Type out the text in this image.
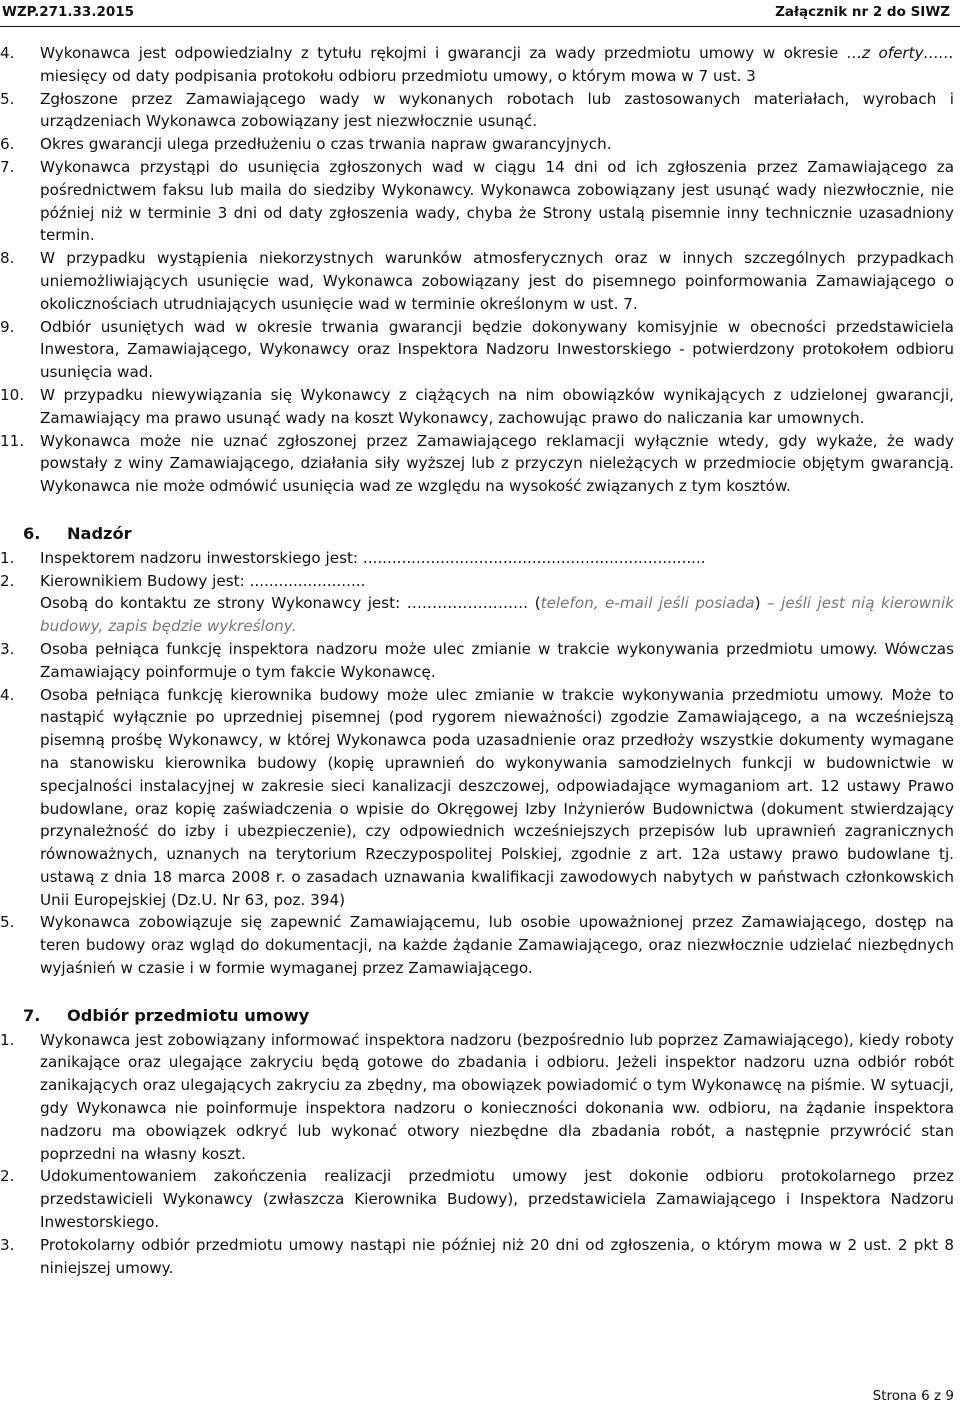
WZP.271.33.2015	Załącznik nr 2 do SIWZ
4.	Wykonawca jest odpowiedzialny z tytułu rękojmi i gwarancji za wady przedmiotu umowy w okresie …z oferty…… miesięcy od daty podpisania protokołu odbioru przedmiotu umowy, o którym mowa w 7 ust. 3
5.	Zgłoszone przez Zamawiającego wady w wykonanych robotach lub zastosowanych materiałach, wyrobach i urządzeniach Wykonawca zobowiązany jest niezwłocznie usunąć.
6.	Okres gwarancji ulega przedłużeniu o czas trwania napraw gwarancyjnych.
7.	Wykonawca przystąpi do usunięcia zgłoszonych wad w ciągu 14 dni od ich zgłoszenia przez Zamawiającego za pośrednictwem faksu lub maila do siedziby Wykonawcy. Wykonawca zobowiązany jest usunąć wady niezwłocznie, nie później niż w terminie 3 dni od daty zgłoszenia wady, chyba że Strony ustalą pisemnie inny technicznie uzasadniony termin.
8.	W przypadku wystąpienia niekorzystnych warunków atmosferycznych oraz w innych szczególnych przypadkach uniemożliwiających usunięcie wad, Wykonawca zobowiązany jest do pisemnego poinformowania Zamawiającego o okolicznościach utrudniających usunięcie wad w terminie określonym w ust. 7.
9.	Odbiór usuniętych wad w okresie trwania gwarancji będzie dokonywany komisyjnie w obecności przedstawiciela Inwestora, Zamawiającego, Wykonawcy oraz Inspektora Nadzoru Inwestorskiego - potwierdzony protokołem odbioru usunięcia wad.
10.	W przypadku niewywiązania się Wykonawcy z ciążących na nim obowiązków wynikających z udzielonej gwarancji, Zamawiający ma prawo usunąć wady na koszt Wykonawcy, zachowując prawo do naliczania kar umownych.
11.	Wykonawca może nie uznać zgłoszonej przez Zamawiającego reklamacji wyłącznie wtedy, gdy wykaże, że wady powstały z winy Zamawiającego, działania siły wyższej lub z przyczyn nieleżących w przedmiocie objętym gwarancją. Wykonawca nie może odmówić usunięcia wad ze względu na wysokość związanych z tym kosztów.
6. Nadzór
1.	Inspektorem nadzoru inwestorskiego jest: .......................................................................
2.	Kierownikiem Budowy jest: ........................
Osobą do kontaktu ze strony Wykonawcy jest: …………………… (telefon, e-mail jeśli posiada) – jeśli jest nią kierownik budowy, zapis będzie wykreślony.
3.	Osoba pełniąca funkcję inspektora nadzoru może ulec zmianie w trakcie wykonywania przedmiotu umowy. Wówczas Zamawiający poinformuje o tym fakcie Wykonawcę.
4.	Osoba pełniąca funkcję kierownika budowy może ulec zmianie w trakcie wykonywania przedmiotu umowy. Może to nastąpić wyłącznie po uprzedniej pisemnej (pod rygorem nieważności) zgodzie Zamawiającego, a na wcześniejszą pisemną prośbę Wykonawcy, w której Wykonawca poda uzasadnienie oraz przedłoży wszystkie dokumenty wymagane na stanowisku kierownika budowy (kopię uprawnień do wykonywania samodzielnych funkcji w budownictwie w specjalności instalacyjnej w zakresie sieci kanalizacji deszczowej, odpowiadające wymaganiom art. 12 ustawy Prawo budowlane, oraz kopię zaświadczenia o wpisie do Okręgowej Izby Inżynierów Budownictwa (dokument stwierdzający przynależność do izby i ubezpieczenie), czy odpowiednich wcześniejszych przepisów lub uprawnień zagranicznych równoważnych, uznanych na terytorium Rzeczypospolitej Polskiej, zgodnie z art. 12a ustawy prawo budowlane tj. ustawą z dnia 18 marca 2008 r. o zasadach uznawania kwalifikacji zawodowych nabytych w państwach członkowskich Unii Europejskiej (Dz.U. Nr 63, poz. 394)
5.	Wykonawca zobowiązuje się zapewnić Zamawiającemu, lub osobie upoważnionej przez Zamawiającego, dostęp na teren budowy oraz wgląd do dokumentacji, na każde żądanie Zamawiającego, oraz niezwłocznie udzielać niezbędnych wyjaśnień w czasie i w formie wymaganej przez Zamawiającego.
7. Odbiór przedmiotu umowy
1.	Wykonawca jest zobowiązany informować inspektora nadzoru (bezpośrednio lub poprzez Zamawiającego), kiedy roboty zanikające oraz ulegające zakryciu będą gotowe do zbadania i odbioru. Jeżeli inspektor nadzoru uzna odbiór robót zanikających oraz ulegających zakryciu za zbędny, ma obowiązek powiadomić o tym Wykonawcę na piśmie. W sytuacji, gdy Wykonawca nie poinformuje inspektora nadzoru o konieczności dokonania ww. odbioru, na żądanie inspektora nadzoru ma obowiązek odkryć lub wykonać otwory niezbędne dla zbadania robót, a następnie przywrócić stan poprzedni na własny koszt.
2.	Udokumentowaniem zakończenia realizacji przedmiotu umowy jest dokonie odbioru protokolarnego przez przedstawicieli Wykonawcy (zwłaszcza Kierownika Budowy), przedstawiciela Zamawiającego i Inspektora Nadzoru Inwestorskiego.
3.	Protokolarny odbiór przedmiotu umowy nastąpi nie później niż 20 dni od zgłoszenia, o którym mowa w 2 ust. 2 pkt 8 niniejszej umowy.
Strona 6 z 9
